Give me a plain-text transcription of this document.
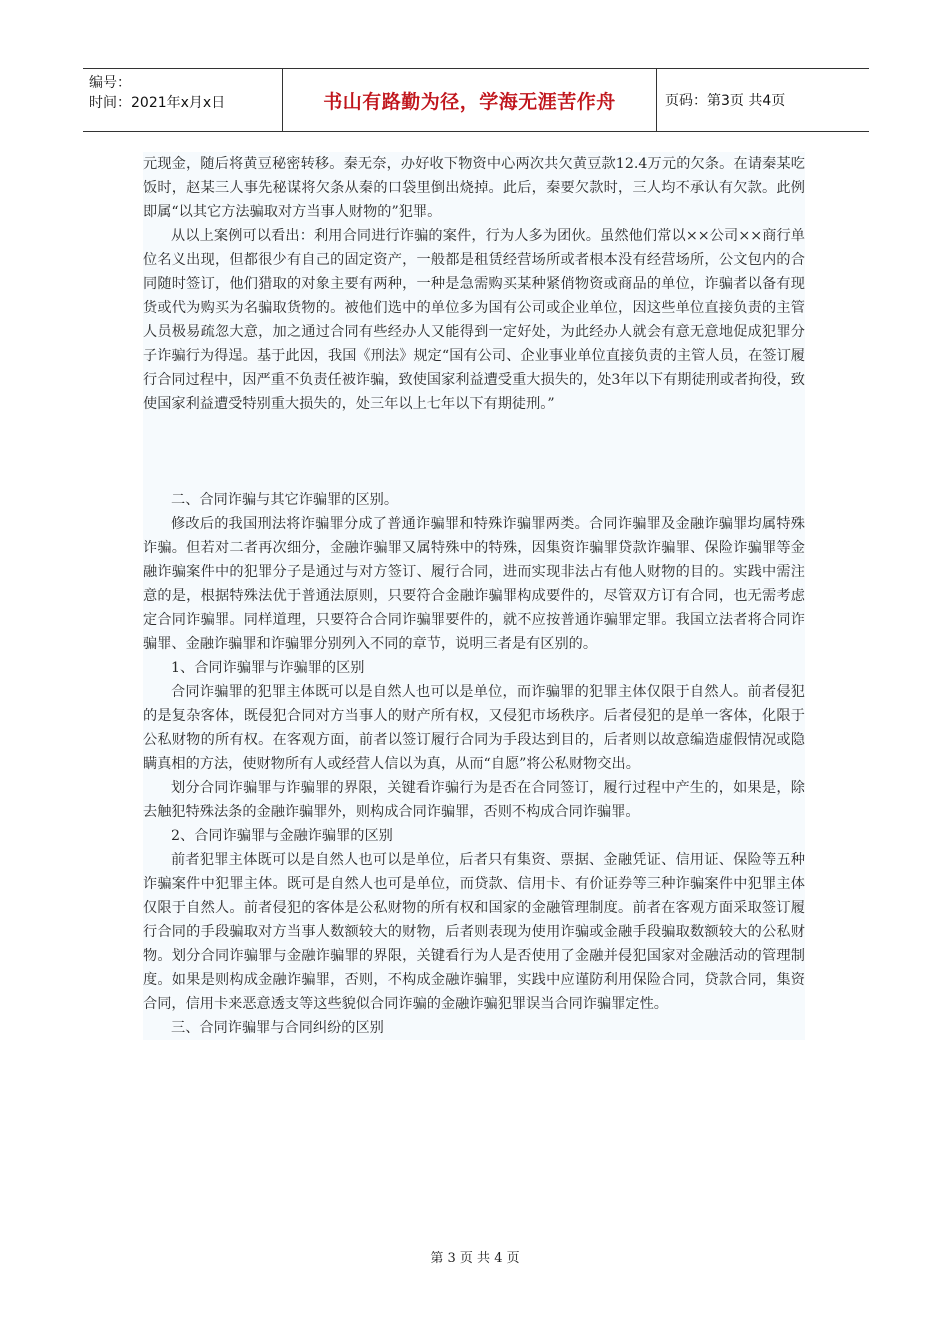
编号：
时间：2021年x月x日	书山有路勤为径，学海无涯苦作舟	页码：第3页 共4页

元现金，随后将黄豆秘密转移。秦无奈，办好收下物资中心两次共欠黄豆款12.4万元的欠条。在请秦某吃饭时，赵某三人事先秘谋将欠条从秦的口袋里倒出烧掉。此后，秦要欠款时，三人均不承认有欠款。此例即属“以其它方法骗取对方当事人财物的”犯罪。

从以上案例可以看出：利用合同进行诈骗的案件，行为人多为团伙。虽然他们常以××公司××商行单位名义出现，但都很少有自己的固定资产，一般都是租赁经营场所或者根本没有经营场所，公文包内的合同随时签订，他们猎取的对象主要有两种，一种是急需购买某种紧俏物资或商品的单位，诈骗者以备有现货或代为购买为名骗取货物的。被他们选中的单位多为国有公司或企业单位，因这些单位直接负责的主管人员极易疏忽大意，加之通过合同有些经办人又能得到一定好处，为此经办人就会有意无意地促成犯罪分子诈骗行为得逞。基于此因，我国《刑法》规定“国有公司、企业事业单位直接负责的主管人员，在签订履行合同过程中，因严重不负责任被诈骗，致使国家利益遭受重大损失的，处3年以下有期徒刑或者拘役，致使国家利益遭受特别重大损失的，处三年以上七年以下有期徒刑。”

二、合同诈骗与其它诈骗罪的区别。

修改后的我国刑法将诈骗罪分成了普通诈骗罪和特殊诈骗罪两类。合同诈骗罪及金融诈骗罪均属特殊诈骗。但若对二者再次细分，金融诈骗罪又属特殊中的特殊，因集资诈骗罪贷款诈骗罪、保险诈骗罪等金融诈骗案件中的犯罪分子是通过与对方签订、履行合同，进而实现非法占有他人财物的目的。实践中需注意的是，根据特殊法优于普通法原则，只要符合金融诈骗罪构成要件的，尽管双方订有合同，也无需考虑定合同诈骗罪。同样道理，只要符合合同诈骗罪要件的，就不应按普通诈骗罪定罪。我国立法者将合同诈骗罪、金融诈骗罪和诈骗罪分别列入不同的章节，说明三者是有区别的。

1、合同诈骗罪与诈骗罪的区别

合同诈骗罪的犯罪主体既可以是自然人也可以是单位，而诈骗罪的犯罪主体仅限于自然人。前者侵犯的是复杂客体，既侵犯合同对方当事人的财产所有权，又侵犯市场秩序。后者侵犯的是单一客体，化限于公私财物的所有权。在客观方面，前者以签订履行合同为手段达到目的，后者则以故意编造虚假情况或隐瞒真相的方法，使财物所有人或经营人信以为真，从而“自愿”将公私财物交出。

划分合同诈骗罪与诈骗罪的界限，关键看诈骗行为是否在合同签订，履行过程中产生的，如果是，除去触犯特殊法条的金融诈骗罪外，则构成合同诈骗罪，否则不构成合同诈骗罪。

2、合同诈骗罪与金融诈骗罪的区别

前者犯罪主体既可以是自然人也可以是单位，后者只有集资、票据、金融凭证、信用证、保险等五种诈骗案件中犯罪主体。既可是自然人也可是单位，而贷款、信用卡、有价证券等三种诈骗案件中犯罪主体仅限于自然人。前者侵犯的客体是公私财物的所有权和国家的金融管理制度。前者在客观方面采取签订履行合同的手段骗取对方当事人数额较大的财物，后者则表现为使用诈骗或金融手段骗取数额较大的公私财物。划分合同诈骗罪与金融诈骗罪的界限，关键看行为人是否使用了金融并侵犯国家对金融活动的管理制度。如果是则构成金融诈骗罪，否则，不构成金融诈骗罪，实践中应谨防利用保险合同，贷款合同，集资合同，信用卡来恶意透支等这些貌似合同诈骗的金融诈骗犯罪误当合同诈骗罪定性。

三、合同诈骗罪与合同纠纷的区别

第 3 页 共 4 页
